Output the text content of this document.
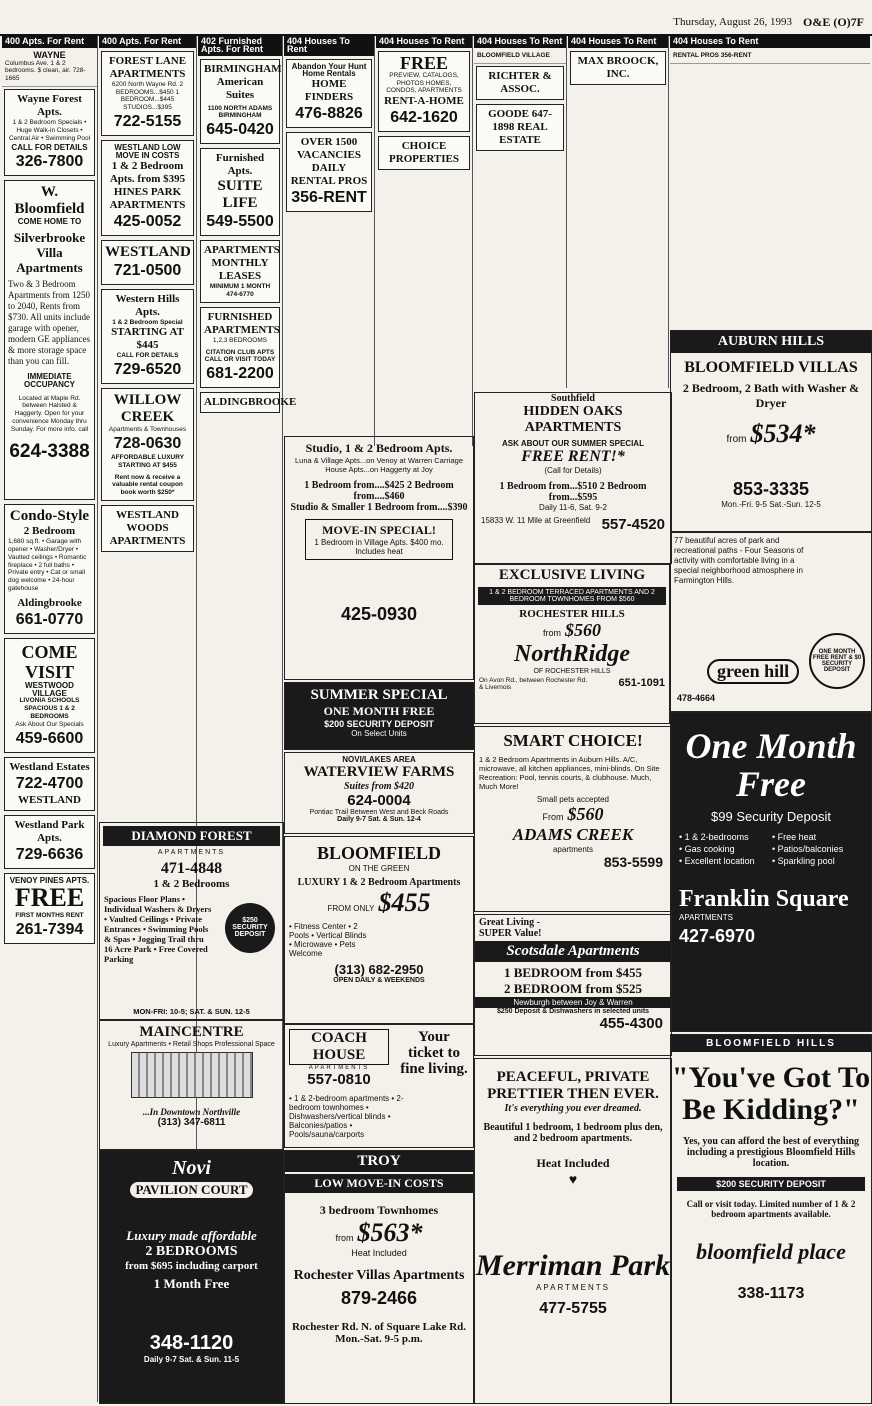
Thursday, August 26, 1993 O&E (O)7F
400 Apts. For Rent
WAYNE
Columbus Ave. 1 & 2 bedrooms. $ clean, air. 728-1665
Wayne Forest Apts.
1 & 2 Bedroom Specials • Huge Walk-in Closets • Central Air • Swimming Pool
CALL FOR DETAILS
326-7800
W. Bloomfield
COME HOME TO
Silverbrooke Villa Apartments
Two & 3 Bedroom Apartments from 1250 to 2040, Rents from $730. All units include garage with opener, modern GE appliances & more storage space than you can fill.
IMMEDIATE OCCUPANCY
Located at Maple Rd. between Halsted & Haggerty. Open for your convenience Monday thru Sunday. For more info. call
624-3388
Condo-Style
2 Bedroom
1,680 sq.ft. • Garage with opener • Washer/Dryer • Vaulted ceilings • Romantic fireplace • 2 full baths • Private entry • Cat or small dog welcome • 24-hour gatehouse
Aldingbrooke
661-0770
COME VISIT
WESTWOOD VILLAGE
LIVONIA SCHOOLS
SPACIOUS 1 & 2 BEDROOMS
Ask About Our Specials
459-6600
Westland Estates
722-4700
WESTLAND
Westland Park Apts.
729-6636
VENOY PINES APTS.
FREE
FIRST MONTHS RENT
261-7394
400 Apts. For Rent
FOREST LANE APARTMENTS
6200 North Wayne Rd. 2 BEDROOMS...$450 1 BEDROOM...$445 STUDIOS...$395
722-5155
WESTLAND LOW MOVE IN COSTS
1 & 2 Bedroom Apts. from $395
HINES PARK APARTMENTS
425-0052
WESTLAND
721-0500
Western Hills Apts.
1 & 2 Bedroom Special
STARTING AT $445
CALL FOR DETAILS
729-6520
WILLOW CREEK
Apartments & Townhouses
728-0630
AFFORDABLE LUXURY STARTING AT $455
Rent now & receive a valuable rental coupon book worth $250*
WESTLAND WOODS APARTMENTS
402 Furnished Apts. For Rent
BIRMINGHAM American Suites
1100 NORTH ADAMS BIRMINGHAM
645-0420
Furnished Apts.
SUITE LIFE
549-5500
APARTMENTS MONTHLY LEASES
MINIMUM 1 MONTH
474-6770
FURNISHED APARTMENTS
1,2,3 BEDROOMS
CITATION CLUB APTS CALL OR VISIT TODAY
681-2200
ALDINGBROOKE
404 Houses To Rent
Abandon Your Hunt Home Rentals
HOME FINDERS
476-8826
OVER 1500 VACANCIES DAILY RENTAL PROS
356-RENT
404 Houses To Rent
FREE
PREVIEW, CATALOGS, PHOTOS HOMES, CONDOS, APARTMENTS
RENT-A-HOME
642-1620
CHOICE PROPERTIES
404 Houses To Rent
BLOOMFIELD VILLAGE
RICHTER & ASSOC.
GOODE 647-1898 REAL ESTATE
404 Houses To Rent
MAX BROOCK, INC.
404 Houses To Rent
RENTAL PROS 356-RENT
AUBURN HILLS
BLOOMFIELD VILLAS
2 Bedroom, 2 Bath with Washer & Dryer
from $534*
853-3335
Mon.-Fri. 9-5 Sat.-Sun. 12-5
Southfield
HIDDEN OAKS APARTMENTS
ASK ABOUT OUR SUMMER SPECIAL
FREE RENT!*
(Call for Details)
1 Bedroom from...$510 2 Bedroom from...$595
Daily 11-6, Sat. 9-2
15833 W. 11 Mile at Greenfield 557-4520
77 beautiful acres of park and recreational paths - Four Seasons of activity with comfortable living in a special neighborhood atmosphere in Farmington Hills.
ONE MONTH FREE RENT & $0 SECURITY DEPOSIT
green hill
478-4664
Studio, 1 & 2 Bedroom Apts.
Luna & Village Apts...on Venoy at Warren Carriage House Apts...on Haggerty at Joy
1 Bedroom from....$425 2 Bedroom from....$460
Studio & Smaller 1 Bedroom from....$390
MOVE-IN SPECIAL!
1 Bedroom in Village Apts. $400 mo. Includes heat
425-0930
EXCLUSIVE LIVING
1 & 2 BEDROOM TERRACED APARTMENTS AND 2 BEDROOM TOWNHOMES FROM $560
ROCHESTER HILLS
from $560
NorthRidge
OF ROCHESTER HILLS
On Avon Rd., between Rochester Rd. & Livernois	651-1091
SUMMER SPECIAL
ONE MONTH FREE
$200 SECURITY DEPOSIT
On Select Units
NOVI/LAKES AREA
WATERVIEW FARMS
Suites from $420
624-0004
Pontiac Trail Between West and Beck Roads
Daily 9-7 Sat. & Sun. 12-4
SMART CHOICE!
1 & 2 Bedroom Apartments in Auburn Hills. A/C, microwave, all kitchen appliances, mini-blinds. On Site Recreation: Pool, tennis courts, & clubhouse. Much, Much More!
Small pets accepted
From $560
ADAMS CREEK
apartments
853-5599
One Month Free
$99 Security Deposit
• 1 & 2-bedrooms	• Free heat
• Gas cooking	• Patios/balconies
• Excellent location	• Sparkling pool
Franklin Square
APARTMENTS
427-6970
DIAMOND FOREST
APARTMENTS
471-4848
1 & 2 Bedrooms
Spacious Floor Plans • Individual Washers & Dryers • Vaulted Ceilings • Private Entrances • Swimming Pools & Spas • Jogging Trail thru 16 Acre Park • Free Covered Parking
$250 SECURITY DEPOSIT
MON-FRI: 10-5; SAT. & SUN. 12-5
BLOOMFIELD
ON THE GREEN
LUXURY 1 & 2 Bedroom Apartments
FROM ONLY $455
• Fitness Center • 2 Pools • Vertical Blinds • Microwave • Pets Welcome
(313) 682-2950
OPEN DAILY & WEEKENDS
MAINCENTRE
Luxury Apartments • Retail Shops Professional Space
...In Downtown Northville
(313) 347-6811
COACH HOUSE
APARTMENTS
557-0810
Your ticket to fine living.
• 1 & 2-bedroom apartments • 2-bedroom townhomes • Dishwashers/vertical blinds • Balconies/patios • Pools/sauna/carports
Great Living - SUPER Value!
Scotsdale Apartments
1 BEDROOM from $455
2 BEDROOM from $525
Newburgh between Joy & Warren
$250 Deposit & Dishwashers in selected units
455-4300
Novi
PAVILION COURT
Luxury made affordable
2 BEDROOMS
from $695 including carport
1 Month Free
348-1120
Daily 9-7 Sat. & Sun. 11-5
TROY
LOW MOVE-IN COSTS
3 bedroom Townhomes
from $563*
Heat Included
Rochester Villas Apartments
879-2466
Rochester Rd. N. of Square Lake Rd. Mon.-Sat. 9-5 p.m.
PEACEFUL, PRIVATE PRETTIER THEN EVER.
It's everything you ever dreamed.
Beautiful 1 bedroom, 1 bedroom plus den, and 2 bedroom apartments.
Heat Included
♥
Merriman Park
APARTMENTS
477-5755
BLOOMFIELD HILLS
"You've Got To Be Kidding?"
Yes, you can afford the best of everything including a prestigious Bloomfield Hills location.
$200 SECURITY DEPOSIT
Call or visit today. Limited number of 1 & 2 bedroom apartments available.
bloomfield place
338-1173
